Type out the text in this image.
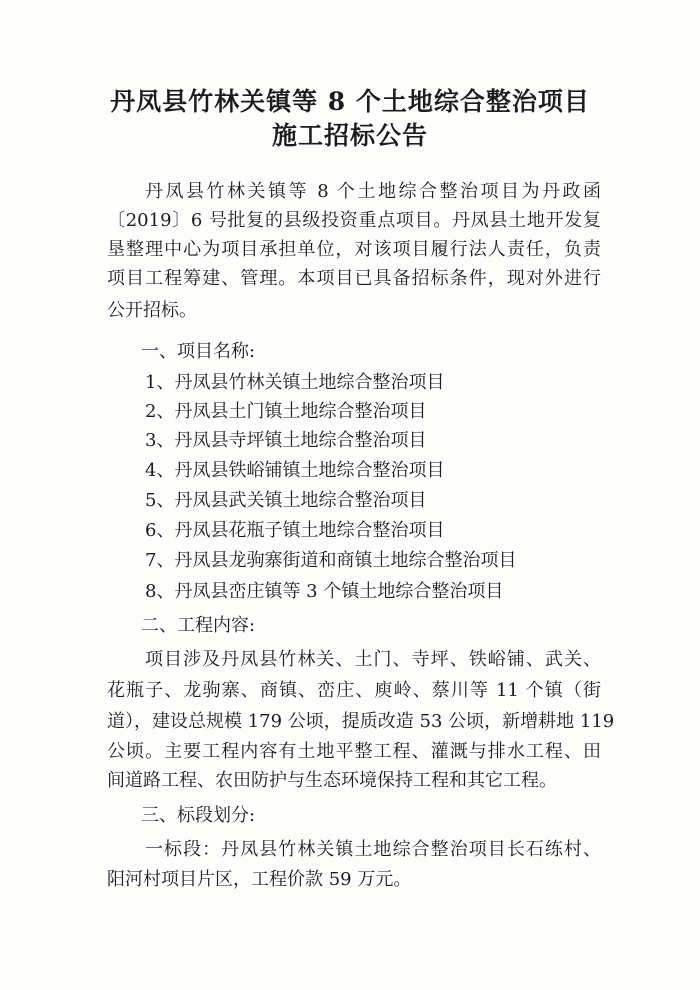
丹凤县竹林关镇等 8 个土地综合整治项目
施工招标公告
丹凤县竹林关镇等 8 个土地综合整治项目为丹政函
〔2019〕6 号批复的县级投资重点项目。丹凤县土地开发复
垦整理中心为项目承担单位，对该项目履行法人责任，负责
项目工程筹建、管理。本项目已具备招标条件，现对外进行
公开招标。
一、项目名称:
1、丹凤县竹林关镇土地综合整治项目
2、丹凤县土门镇土地综合整治项目
3、丹凤县寺坪镇土地综合整治项目
4、丹凤县铁峪铺镇土地综合整治项目
5、丹凤县武关镇土地综合整治项目
6、丹凤县花瓶子镇土地综合整治项目
7、丹凤县龙驹寨街道和商镇土地综合整治项目
8、丹凤县峦庄镇等 3 个镇土地综合整治项目
二、工程内容:
项目涉及丹凤县竹林关、土门、寺坪、铁峪铺、武关、
花瓶子、龙驹寨、商镇、峦庄、庾岭、蔡川等 11 个镇（街
道），建设总规模 179 公顷，提质改造 53 公顷，新增耕地 119
公顷。主要工程内容有土地平整工程、灌溉与排水工程、田
间道路工程、农田防护与生态环境保持工程和其它工程。
三、标段划分:
一标段：丹凤县竹林关镇土地综合整治项目长石练村、
阳河村项目片区，工程价款 59 万元。
